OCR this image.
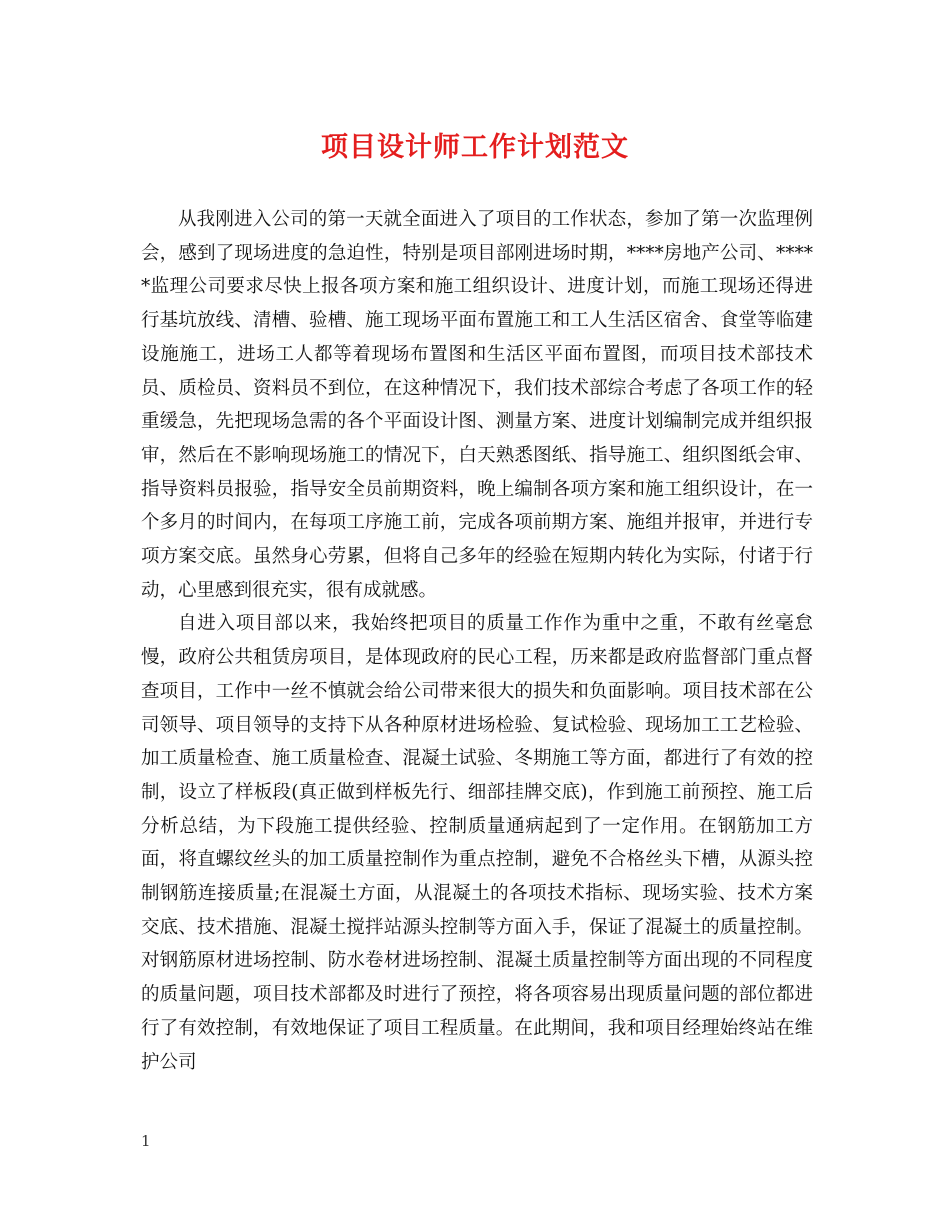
项目设计师工作计划范文

从我刚进入公司的第一天就全面进入了项目的工作状态，参加了第一次监理例会，感到了现场进度的急迫性，特别是项目部刚进场时期，****房地产公司、*****监理公司要求尽快上报各项方案和施工组织设计、进度计划，而施工现场还得进行基坑放线、清槽、验槽、施工现场平面布置施工和工人生活区宿舍、食堂等临建设施施工，进场工人都等着现场布置图和生活区平面布置图，而项目技术部技术员、质检员、资料员不到位，在这种情况下，我们技术部综合考虑了各项工作的轻重缓急，先把现场急需的各个平面设计图、测量方案、进度计划编制完成并组织报审，然后在不影响现场施工的情况下，白天熟悉图纸、指导施工、组织图纸会审、指导资料员报验，指导安全员前期资料，晚上编制各项方案和施工组织设计，在一个多月的时间内，在每项工序施工前，完成各项前期方案、施组并报审，并进行专项方案交底。虽然身心劳累，但将自己多年的经验在短期内转化为实际，付诸于行动，心里感到很充实，很有成就感。

自进入项目部以来，我始终把项目的质量工作作为重中之重，不敢有丝毫怠慢，政府公共租赁房项目，是体现政府的民心工程，历来都是政府监督部门重点督查项目，工作中一丝不慎就会给公司带来很大的损失和负面影响。项目技术部在公司领导、项目领导的支持下从各种原材进场检验、复试检验、现场加工工艺检验、加工质量检查、施工质量检查、混凝土试验、冬期施工等方面，都进行了有效的控制，设立了样板段(真正做到样板先行、细部挂牌交底)，作到施工前预控、施工后分析总结，为下段施工提供经验、控制质量通病起到了一定作用。在钢筋加工方面，将直螺纹丝头的加工质量控制作为重点控制，避免不合格丝头下槽，从源头控制钢筋连接质量;在混凝土方面，从混凝土的各项技术指标、现场实验、技术方案交底、技术措施、混凝土搅拌站源头控制等方面入手，保证了混凝土的质量控制。对钢筋原材进场控制、防水卷材进场控制、混凝土质量控制等方面出现的不同程度的质量问题，项目技术部都及时进行了预控，将各项容易出现质量问题的部位都进行了有效控制，有效地保证了项目工程质量。在此期间，我和项目经理始终站在维护公司

1
